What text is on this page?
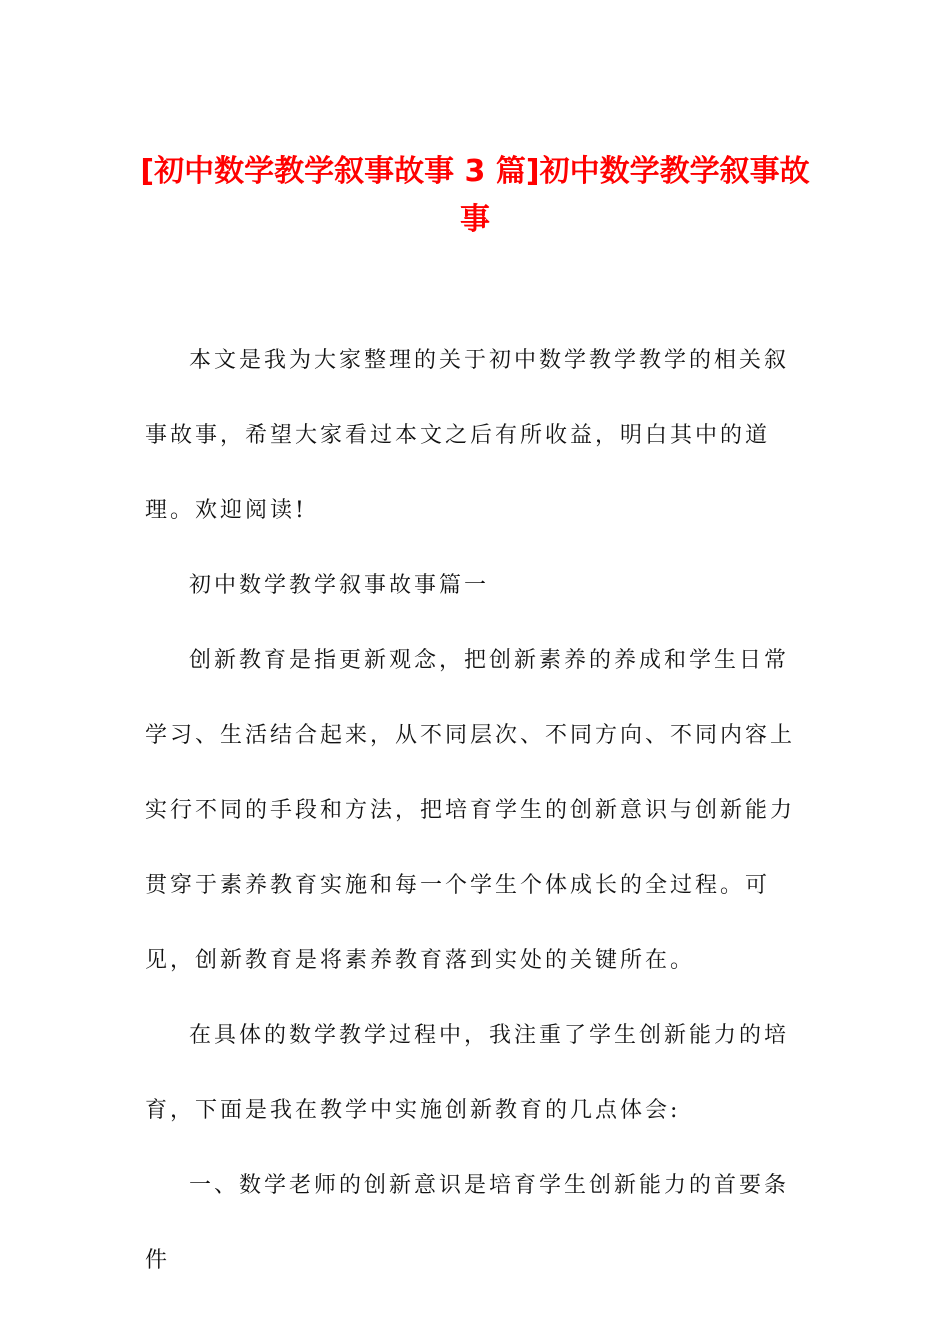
[初中数学教学叙事故事 3 篇]初中数学教学叙事故事

本文是我为大家整理的关于初中数学教学教学的相关叙事故事，希望大家看过本文之后有所收益，明白其中的道理。欢迎阅读!

初中数学教学叙事故事篇一

创新教育是指更新观念，把创新素养的养成和学生日常学习、生活结合起来，从不同层次、不同方向、不同内容上实行不同的手段和方法，把培育学生的创新意识与创新能力贯穿于素养教育实施和每一个学生个体成长的全过程。可见，创新教育是将素养教育落到实处的关键所在。

在具体的数学教学过程中，我注重了学生创新能力的培育，下面是我在教学中实施创新教育的几点体会:

一、数学老师的创新意识是培育学生创新能力的首要条件
